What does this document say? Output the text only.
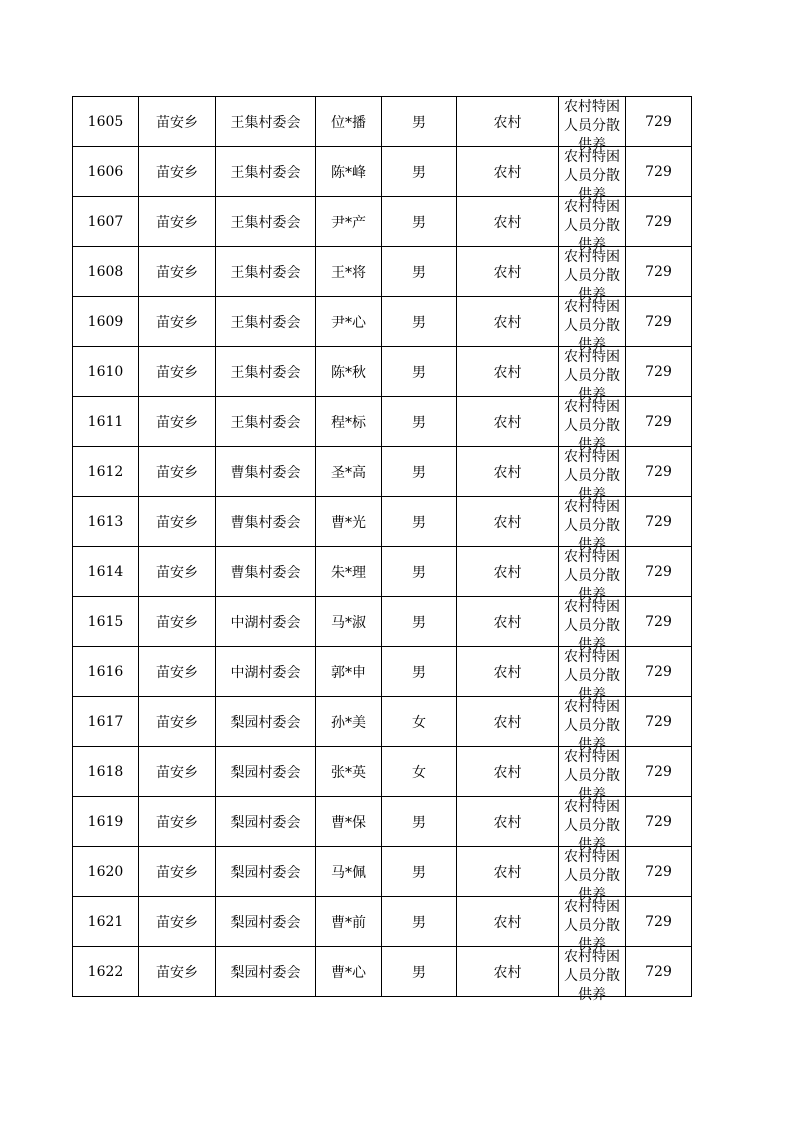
1605	苗安乡	王集村委会	位*播	男	农村	农村特困人员分散供养	729
1606	苗安乡	王集村委会	陈*峰	男	农村	农村特困人员分散供养	729
1607	苗安乡	王集村委会	尹*产	男	农村	农村特困人员分散供养	729
1608	苗安乡	王集村委会	王*将	男	农村	农村特困人员分散供养	729
1609	苗安乡	王集村委会	尹*心	男	农村	农村特困人员分散供养	729
1610	苗安乡	王集村委会	陈*秋	男	农村	农村特困人员分散供养	729
1611	苗安乡	王集村委会	程*标	男	农村	农村特困人员分散供养	729
1612	苗安乡	曹集村委会	圣*高	男	农村	农村特困人员分散供养	729
1613	苗安乡	曹集村委会	曹*光	男	农村	农村特困人员分散供养	729
1614	苗安乡	曹集村委会	朱*理	男	农村	农村特困人员分散供养	729
1615	苗安乡	中湖村委会	马*淑	男	农村	农村特困人员分散供养	729
1616	苗安乡	中湖村委会	郭*申	男	农村	农村特困人员分散供养	729
1617	苗安乡	梨园村委会	孙*美	女	农村	农村特困人员分散供养	729
1618	苗安乡	梨园村委会	张*英	女	农村	农村特困人员分散供养	729
1619	苗安乡	梨园村委会	曹*保	男	农村	农村特困人员分散供养	729
1620	苗安乡	梨园村委会	马*佩	男	农村	农村特困人员分散供养	729
1621	苗安乡	梨园村委会	曹*前	男	农村	农村特困人员分散供养	729
1622	苗安乡	梨园村委会	曹*心	男	农村	农村特困人员分散供养	729
